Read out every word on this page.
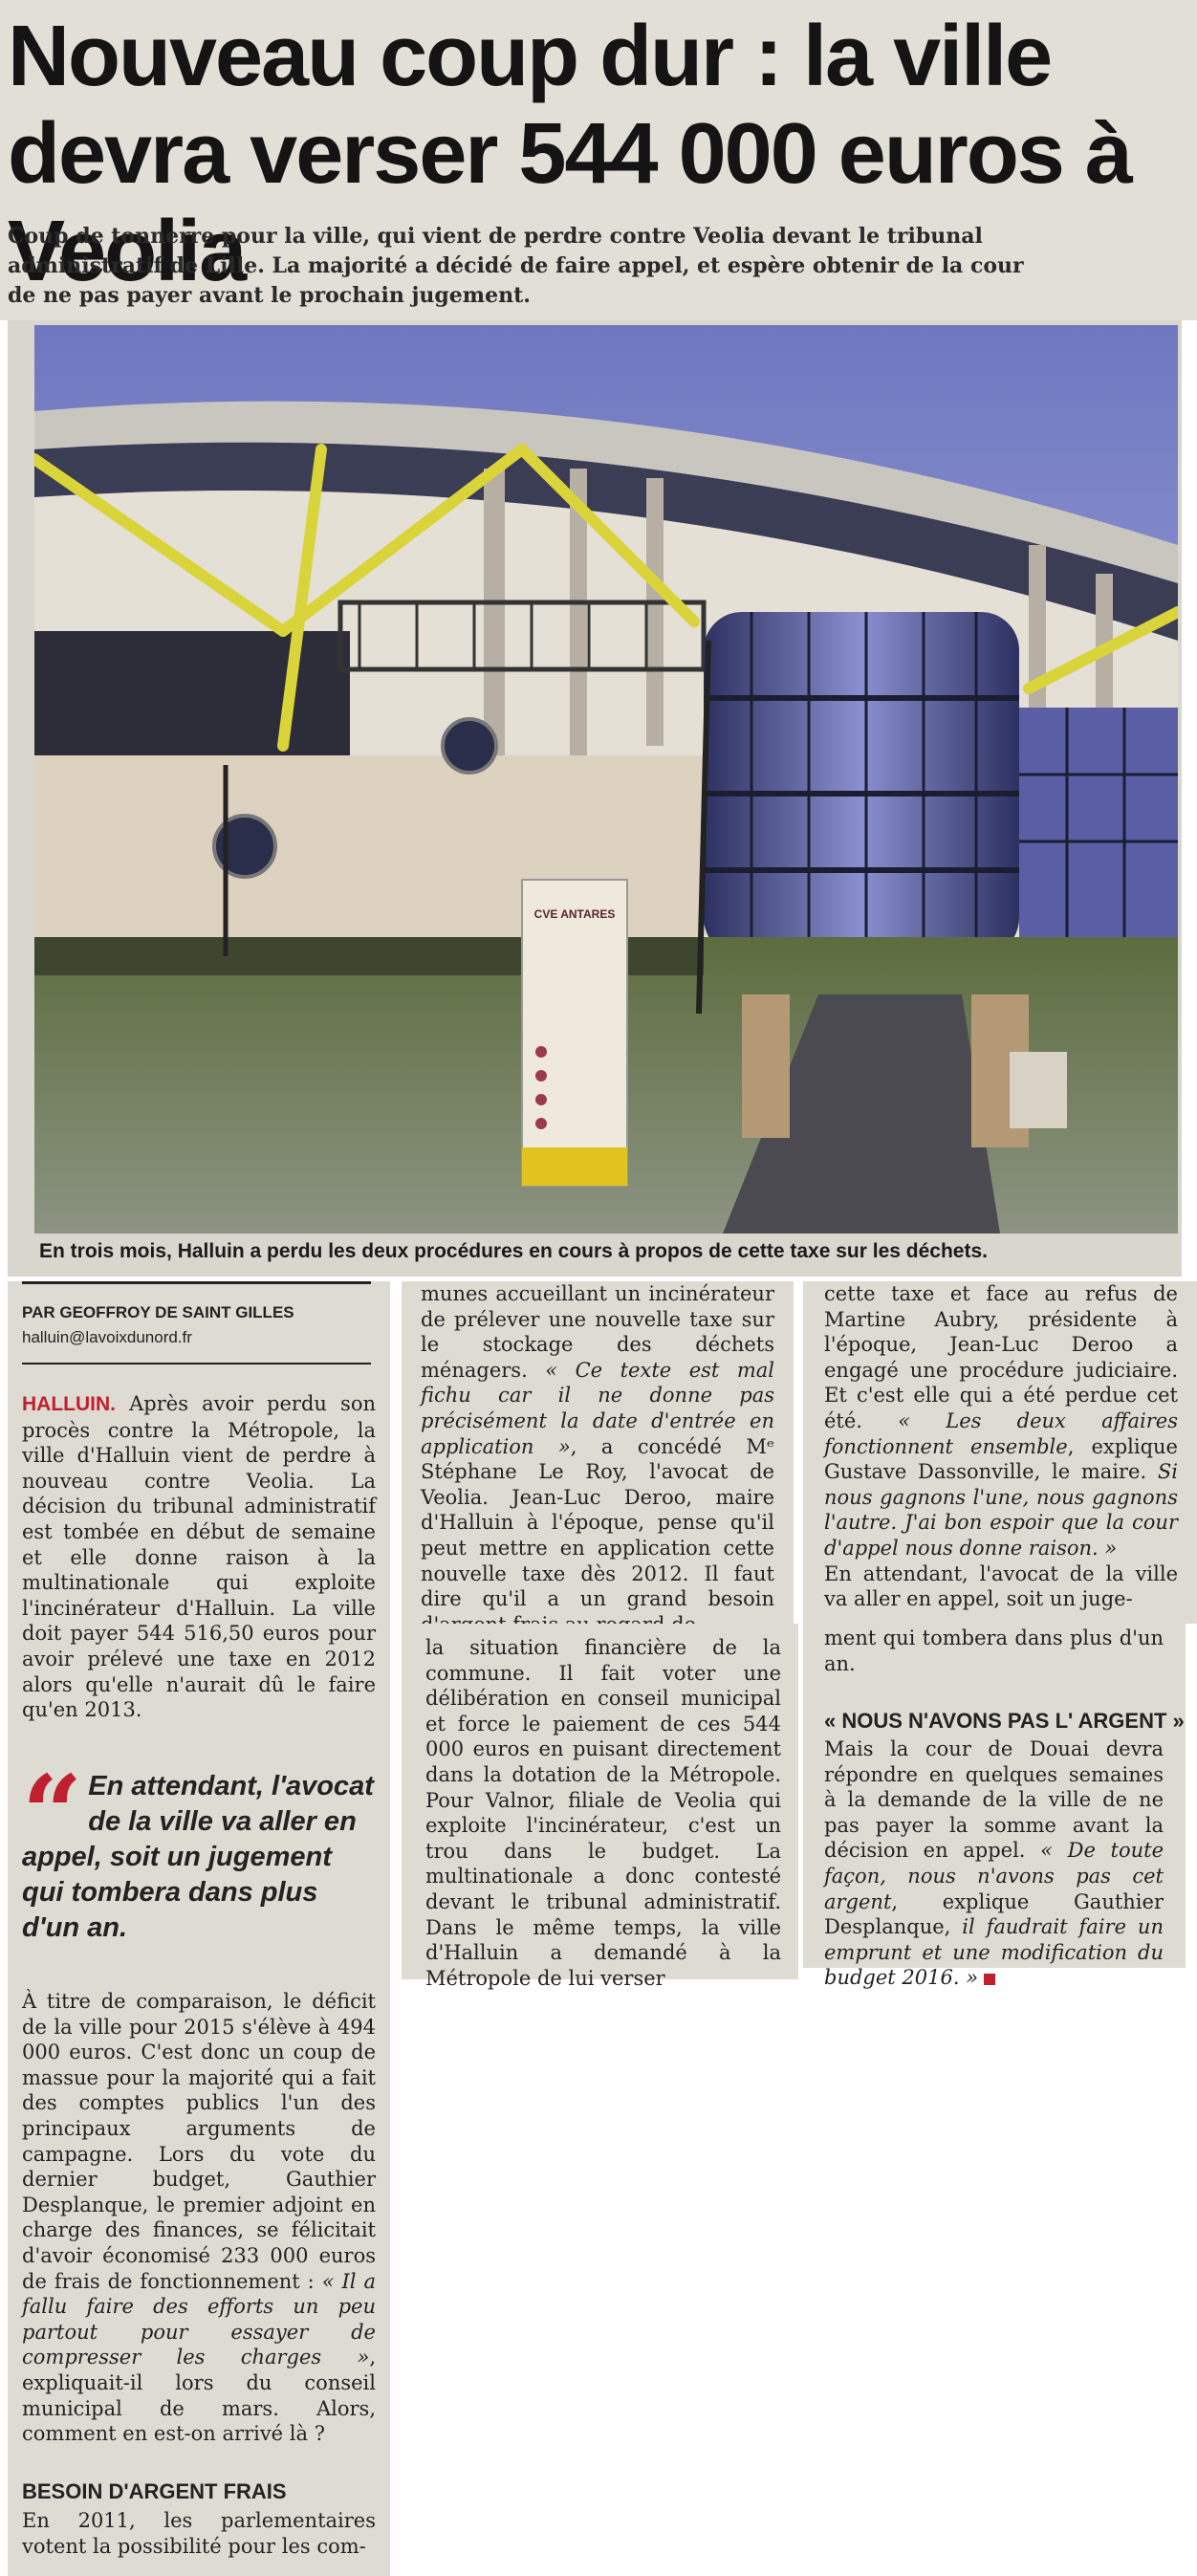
Nouveau coup dur : la ville devra verser 544 000 euros à Veolia

Coup de tonnerre pour la ville, qui vient de perdre contre Veolia devant le tribunal administratif de Lille. La majorité a décidé de faire appel, et espère obtenir de la cour de ne pas payer avant le prochain jugement.

CVE ANTARES

En trois mois, Halluin a perdu les deux procédures en cours à propos de cette taxe sur les déchets.

PAR GEOFFROY DE SAINT GILLES

halluin@lavoixdunord.fr

HALLUIN. Après avoir perdu son procès contre la Métropole, la ville d'Halluin vient de perdre à nouveau contre Veolia. La décision du tribunal administratif est tombée en début de semaine et elle donne raison à la multinationale qui exploite l'incinérateur d'Halluin. La ville doit payer 544 516,50 euros pour avoir prélevé une taxe en 2012 alors qu'elle n'aurait dû le faire qu'en 2013.

“ En attendant, l'avocat de la ville va aller en appel, soit un jugement qui tombera dans plus d'un an.

À titre de comparaison, le déficit de la ville pour 2015 s'élève à 494 000 euros. C'est donc un coup de massue pour la majorité qui a fait des comptes publics l'un des principaux arguments de campagne. Lors du vote du dernier budget, Gauthier Desplanque, le premier adjoint en charge des finances, se félicitait d'avoir économisé 233 000 euros de frais de fonctionnement : « Il a fallu faire des efforts un peu partout pour essayer de compresser les charges », expliquait-il lors du conseil municipal de mars. Alors, comment en est-on arrivé là ?

BESOIN D'ARGENT FRAIS

En 2011, les parlementaires votent la possibilité pour les com-

munes accueillant un incinérateur de prélever une nouvelle taxe sur le stockage des déchets ménagers. « Ce texte est mal fichu car il ne donne pas précisément la date d'entrée en application », a concédé Mᵉ Stéphane Le Roy, l'avocat de Veolia. Jean-Luc Deroo, maire d'Halluin à l'époque, pense qu'il peut mettre en application cette nouvelle taxe dès 2012. Il faut dire qu'il a un grand besoin

la situation financière de la commune. Il fait voter une délibération en conseil municipal et force le paiement de ces 544 000 euros en puisant directement dans la dotation de la Métropole. Pour Valnor, filiale de Veolia qui exploite l'incinérateur, c'est un trou dans le budget. La multinationale a donc contesté devant le tribunal administratif. Dans le même temps, la ville d'Halluin a demandé à la Métropole de lui verser

cette taxe et face au refus de Martine Aubry, présidente à l'époque, Jean-Luc Deroo a engagé une procédure judiciaire. Et c'est elle qui a été perdue cet été. « Les deux affaires fonctionnent ensemble, explique Gustave Dassonville, le maire. Si nous gagnons l'une, nous gagnons l'autre. J'ai bon espoir que la cour d'appel nous donne raison. »
En attendant, l'avocat de la ville va aller en appel, soit un juge-

ment qui tombera dans plus d'un an.

« NOUS N'AVONS PAS L' ARGENT »

Mais la cour de Douai devra répondre en quelques semaines à la demande de la ville de ne pas payer la somme avant la décision en appel. « De toute façon, nous n'avons pas cet argent, explique Gauthier Desplanque, il faudrait faire un emprunt et une modification du budget 2016. »
